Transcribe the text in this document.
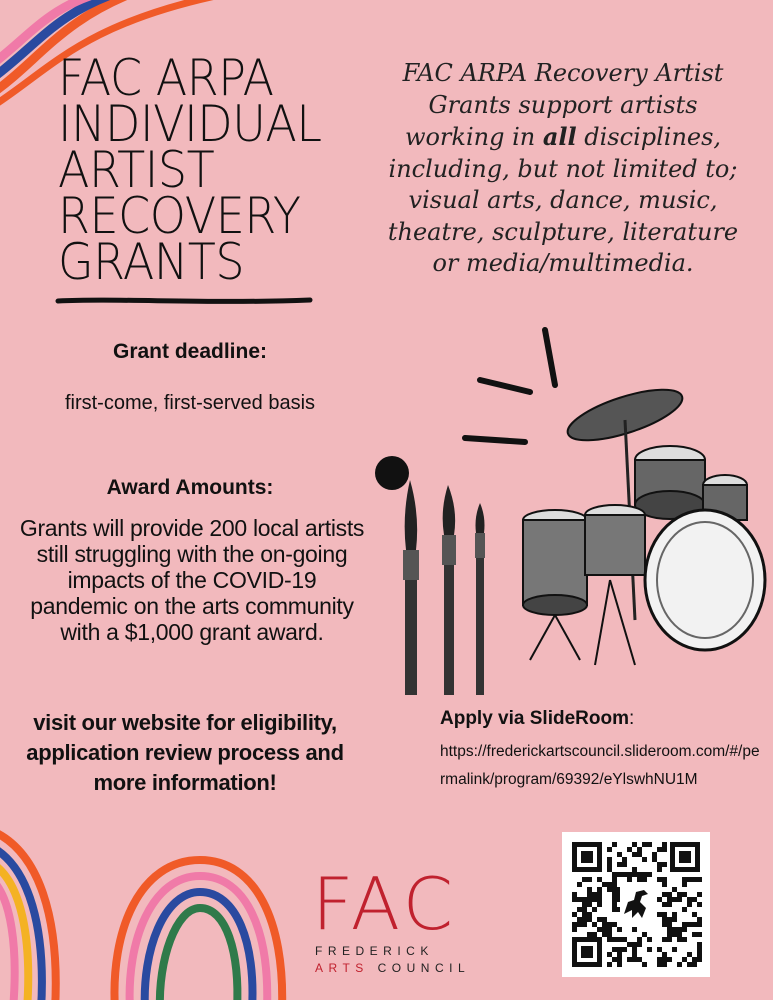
FAC ARPA
INDIVIDUAL
ARTIST
RECOVERY
GRANTS
FAC ARPA Recovery Artist Grants support artists working in all disciplines, including, but not limited to; visual arts, dance, music, theatre, sculpture, literature or media/multimedia.
Grant deadline:
first-come, first-served basis
Award Amounts:
Grants will provide 200 local artists still struggling with the on-going impacts of the COVID-19 pandemic on the arts community with a $1,000 grant award.
visit our website for eligibility, application review process and more information!
Apply via SlideRoom:
https://frederickartscouncil.slideroom.com/#/permalink/program/69392/eYlswhNU1M
FAC
FREDERICK
ARTS COUNCIL
